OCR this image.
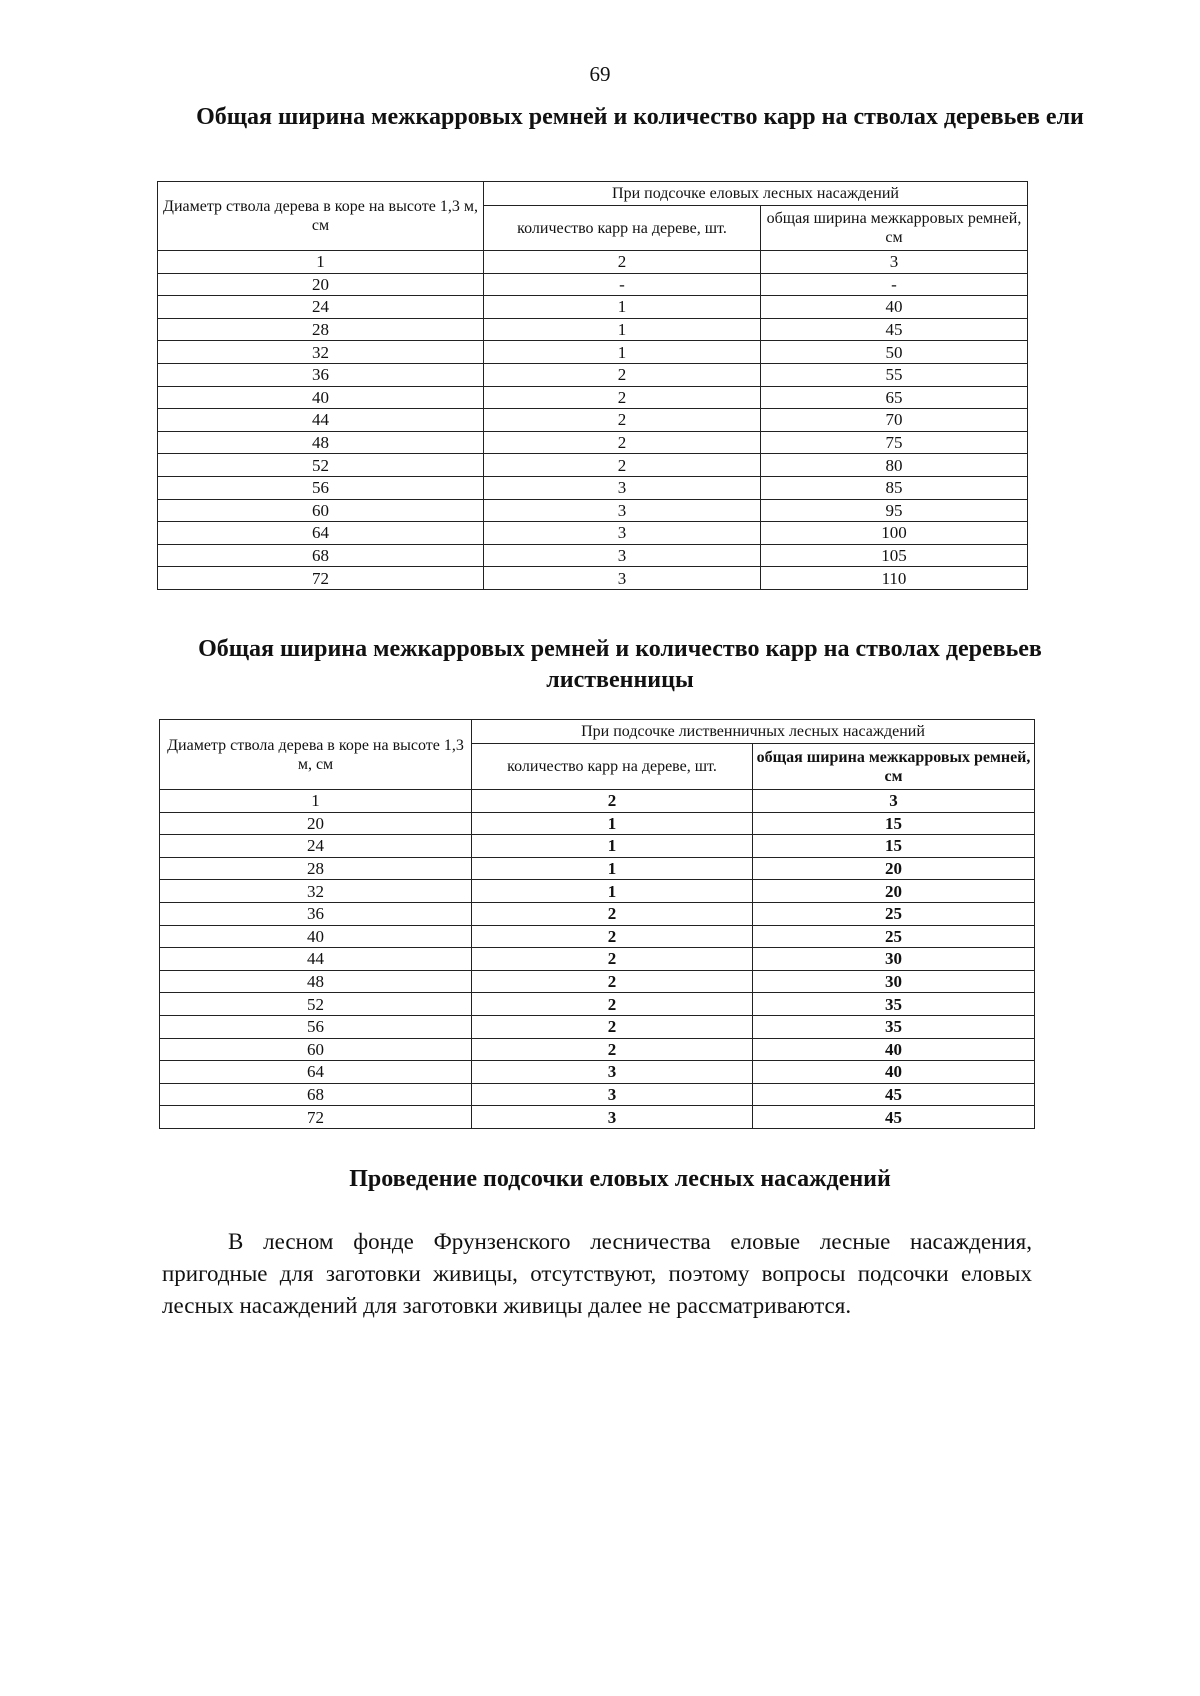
69
Общая ширина межкарровых ремней и количество карр на стволах деревьев ели
Диаметр ствола дерева в коре на высоте 1,3 м, см	При подсочке еловых лесных насаждений	
	количество карр на дереве, шт.	общая ширина межкарровых ремней, см
1	2	3
20	-	-
24	1	40
28	1	45
32	1	50
36	2	55
40	2	65
44	2	70
48	2	75
52	2	80
56	3	85
60	3	95
64	3	100
68	3	105
72	3	110
Общая ширина межкарровых ремней и количество карр на стволах деревьев лиственницы
Диаметр ствола дерева в коре на высоте 1,3 м, см	При подсочке лиственничных лесных насаждений	
	количество карр на дереве, шт.	общая ширина межкарровых ремней, см
1	2	3
20	1	15
24	1	15
28	1	20
32	1	20
36	2	25
40	2	25
44	2	30
48	2	30
52	2	35
56	2	35
60	2	40
64	3	40
68	3	45
72	3	45
Проведение подсочки еловых лесных насаждений
В лесном фонде Фрунзенского лесничества еловые лесные насаждения, пригодные для заготовки живицы, отсутствуют, поэтому вопросы подсочки еловых лесных насаждений для заготовки живицы далее не рассматриваются.
